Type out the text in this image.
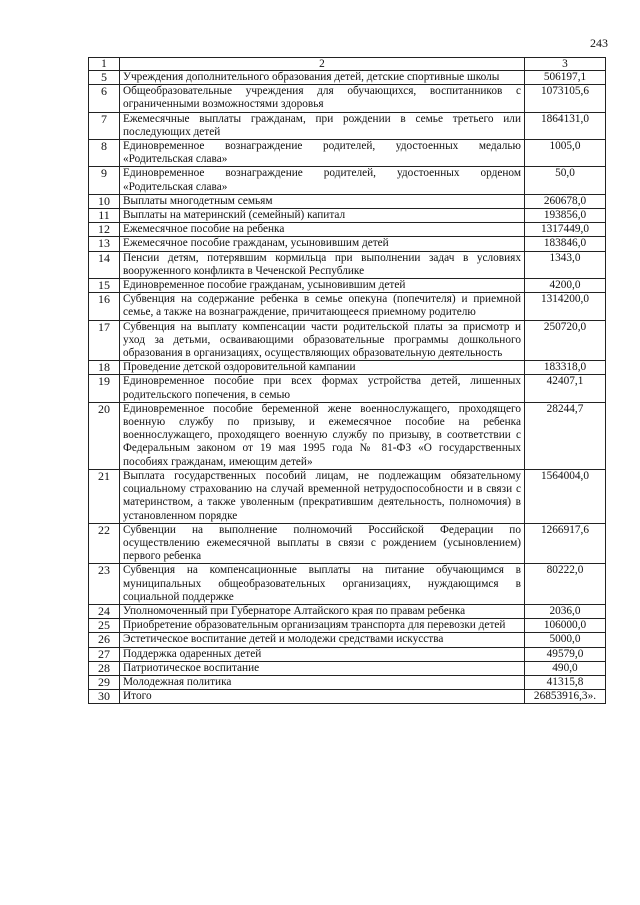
243
1	2	3
5	Учреждения дополнительного образования детей, детские спортивные школы	506197,1
6	Общеобразовательные учреждения для обучающихся, воспитанников с ограниченными возможностями здоровья	1073105,6
7	Ежемесячные выплаты гражданам, при рождении в семье третьего или последующих детей	1864131,0
8	Единовременное вознаграждение родителей, удостоенных медалью «Родительская слава»	1005,0
9	Единовременное вознаграждение родителей, удостоенных орденом «Родительская слава»	50,0
10	Выплаты многодетным семьям	260678,0
11	Выплаты на материнский (семейный) капитал	193856,0
12	Ежемесячное пособие на ребенка	1317449,0
13	Ежемесячное пособие гражданам, усыновившим детей	183846,0
14	Пенсии детям, потерявшим кормильца при выполнении задач в условиях вооруженного конфликта в Чеченской Республике	1343,0
15	Единовременное пособие гражданам, усыновившим детей	4200,0
16	Субвенция на содержание ребенка в семье опекуна (попечителя) и приемной семье, а также на вознаграждение, причитающееся приемному родителю	1314200,0
17	Субвенция на выплату компенсации части родительской платы за присмотр и уход за детьми, осваивающими образовательные программы дошкольного образования в организациях, осуществляющих образовательную деятельность	250720,0
18	Проведение детской оздоровительной кампании	183318,0
19	Единовременное пособие при всех формах устройства детей, лишенных родительского попечения, в семью	42407,1
20	Единовременное пособие беременной жене военнослужащего, проходящего военную службу по призыву, и ежемесячное пособие на ребенка военнослужащего, проходящего военную службу по призыву, в соответствии с Федеральным законом от 19 мая 1995 года № 81-ФЗ «О государственных пособиях гражданам, имеющим детей»	28244,7
21	Выплата государственных пособий лицам, не подлежащим обязательному социальному страхованию на случай временной нетрудоспособности и в связи с материнством, а также уволенным (прекратившим деятельность, полномочия) в установленном порядке	1564004,0
22	Субвенции на выполнение полномочий Российской Федерации по осуществлению ежемесячной выплаты в связи с рождением (усыновлением) первого ребенка	1266917,6
23	Субвенция на компенсационные выплаты на питание обучающимся в муниципальных общеобразовательных организациях, нуждающимся в социальной поддержке	80222,0
24	Уполномоченный при Губернаторе Алтайского края по правам ребенка	2036,0
25	Приобретение образовательным организациям транспорта для перевозки детей	106000,0
26	Эстетическое воспитание детей и молодежи средствами искусства	5000,0
27	Поддержка одаренных детей	49579,0
28	Патриотическое воспитание	490,0
29	Молодежная политика	41315,8
30	Итого	26853916,3».
